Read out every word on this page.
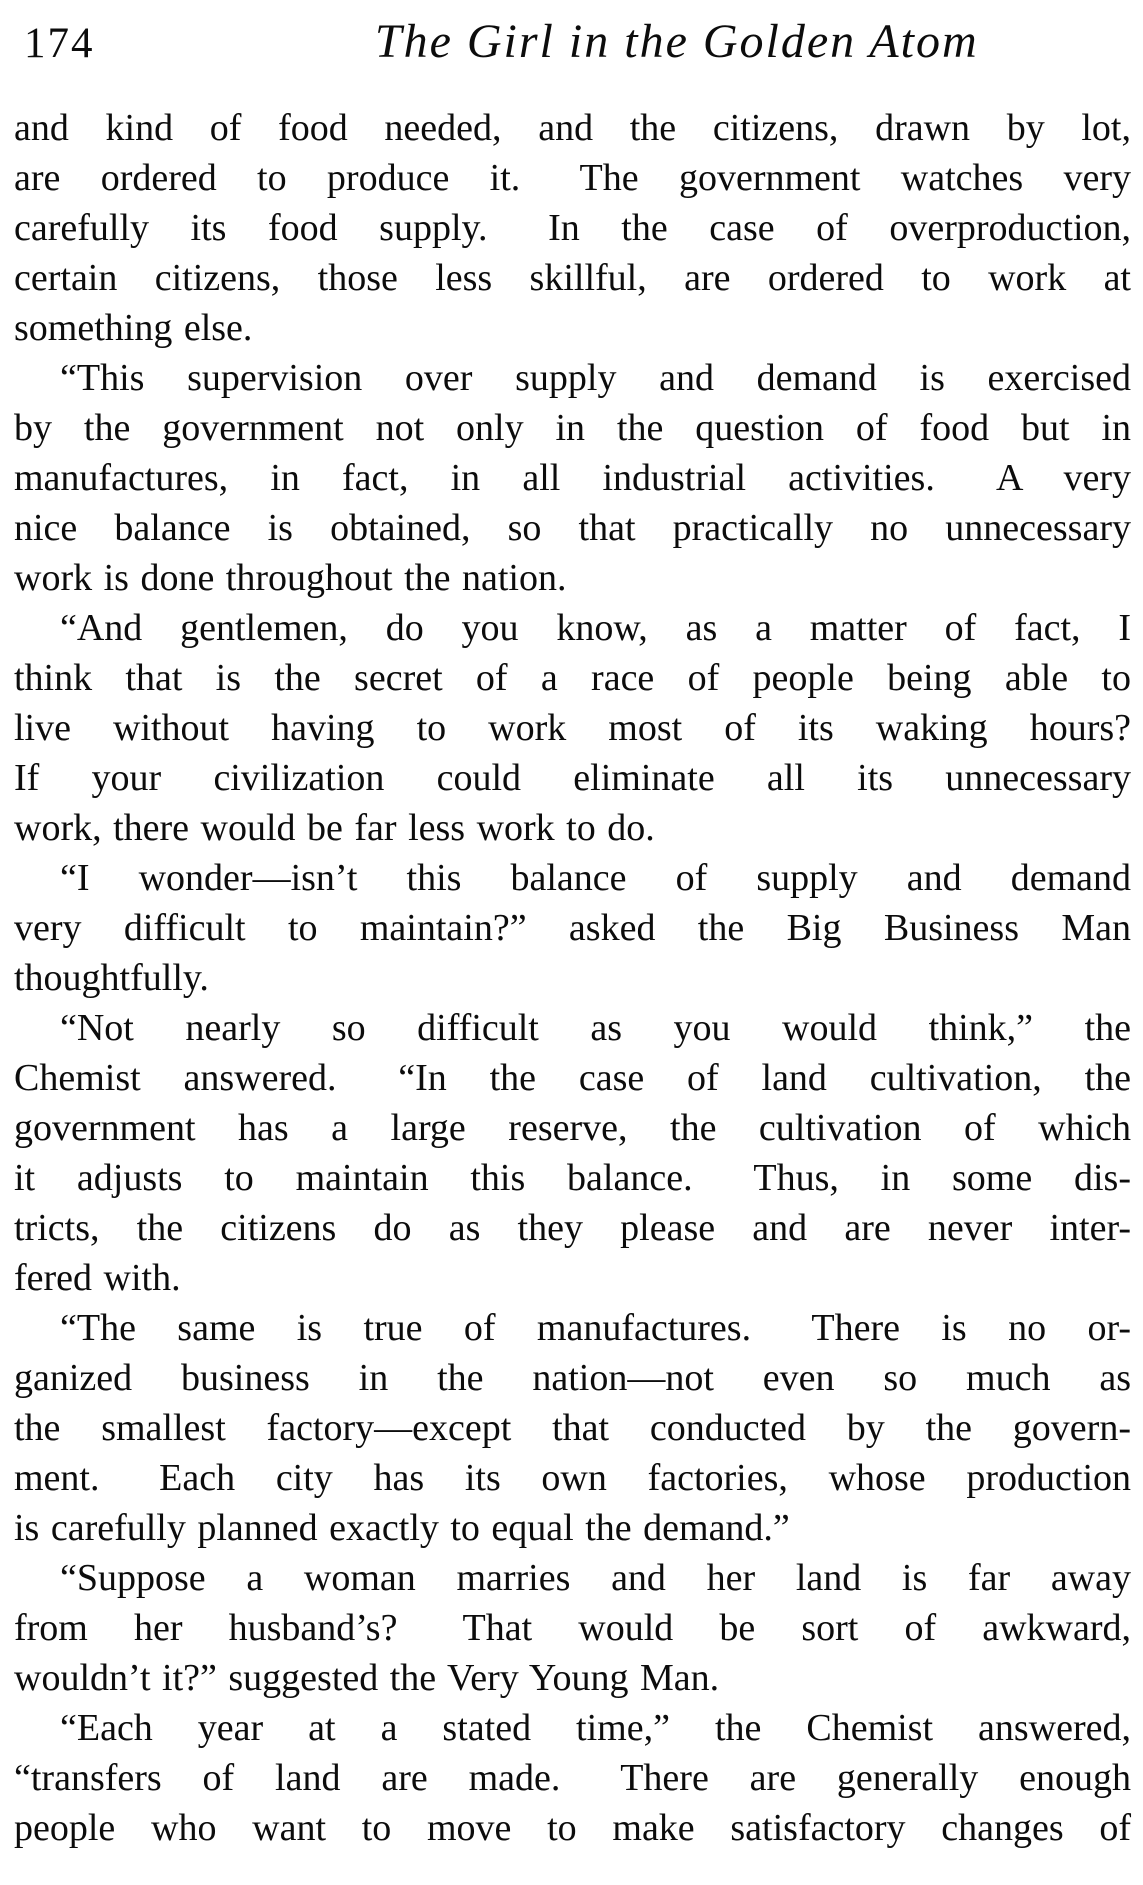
174	The Girl in the Golden Atom
and kind of food needed, and the citizens, drawn by lot,
are ordered to produce it.  The government watches very
carefully its food supply.  In the case of overproduction,
certain citizens, those less skillful, are ordered to work at
something else.
“This supervision over supply and demand is exercised
by the government not only in the question of food but in
manufactures, in fact, in all industrial activities.  A very
nice balance is obtained, so that practically no unnecessary
work is done throughout the nation.
“And gentlemen, do you know, as a matter of fact, I
think that is the secret of a race of people being able to
live without having to work most of its waking hours?
If your civilization could eliminate all its unnecessary
work, there would be far less work to do.
“I wonder—isn’t this balance of supply and demand
very difficult to maintain?” asked the Big Business Man
thoughtfully.
“Not nearly so difficult as you would think,” the
Chemist answered.  “In the case of land cultivation, the
government has a large reserve, the cultivation of which
it adjusts to maintain this balance.  Thus, in some dis-
tricts, the citizens do as they please and are never inter-
fered with.
“The same is true of manufactures.  There is no or-
ganized business in the nation—not even so much as
the smallest factory—except that conducted by the govern-
ment.  Each city has its own factories, whose production
is carefully planned exactly to equal the demand.”
“Suppose a woman marries and her land is far away
from her husband’s?  That would be sort of awkward,
wouldn’t it?” suggested the Very Young Man.
“Each year at a stated time,” the Chemist answered,
“transfers of land are made.  There are generally enough
people who want to move to make satisfactory changes of
